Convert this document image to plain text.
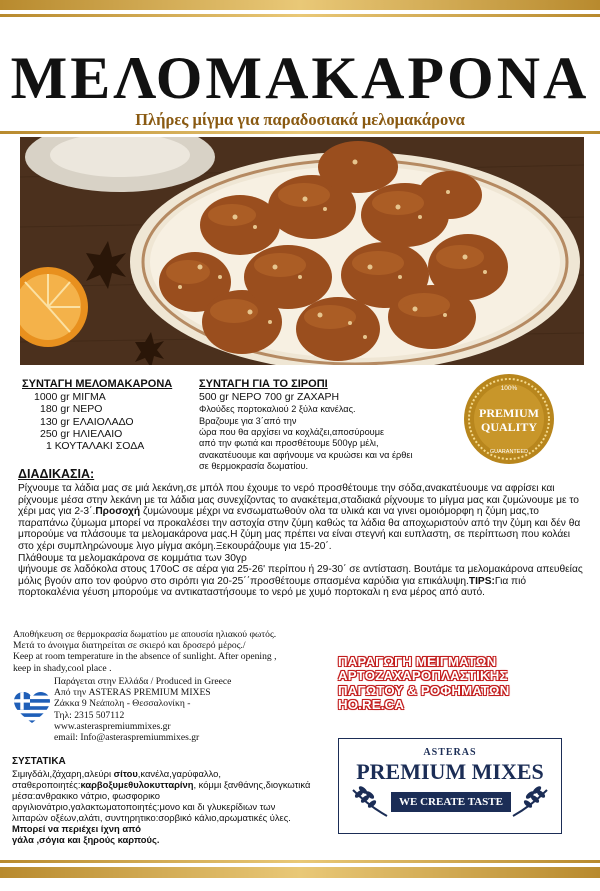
ΜΕΛΟΜΑΚΑΡΟΝΑ
Πλήρες μίγμα για παραδοσιακά μελομακάρονα
ΣΥΝΤΑΓΗ ΜΕΛΟΜΑΚΑΡΟΝΑ
1000 gr ΜΙΓΜΑ
180 gr ΝΕΡΟ
130 gr ΕΛΑΙΟΛΑΔΟ
250 gr ΗΛΙΕΛΑΙΟ
1 ΚΟΥΤΑΛΑΚΙ ΣΟΔΑ
ΣΥΝΤΑΓΗ ΓΙΑ ΤΟ ΣΙΡΟΠΙ
500 gr ΝΕΡΟ 700 gr ΖΑΧΑΡΗ
Φλούδες πορτοκαλιού 2 ξύλα κανέλας.
Βραζουμε για 3΄από την
ώρα που θα αρχίσει να κοχλάζει,αποσύρουμε
από την φωτιά και προσθέτουμε 500γρ μέλι,
ανακατέυουμε και αφήνουμε να κρυώσει και να έρθει
σε θερμοκρασία δωματίου.
100%
PREMIUM
QUALITY
GUARANTEED
ΔΙΑΔΙΚΑΣΙΑ:

Ρίχνουμε τα λάδια μας σε μιά λεκάνη,σε μπόλ που έχουμε το νερό προσθέτουμε την σόδα,ανακατέυουμε να αφρίσει και ρίχνουμε μέσα στην λεκάνη με τα λάδια μας συνεχίζοντας το ανακέτεμα,σταδιακά ρίχνουμε το μίγμα μας και ζυμώνουμε με το χέρι μας για 2-3΄.Προσοχή ζυμώνουμε μέχρι να ενσωματωθούν ολα τα υλικά και να γινει ομοιόμορφη η ζύμη μας,το παραπάνω ζύμωμα μπορεί να προκαλέσει την αστοχία στην ζύμη καθώς τα λάδια θα αποχωριστούν από την ζύμη και δέν θα μπορούμε να πλάσουμε τα μελομακάρονα μας.Η ζύμη μας πρέπει να είναι στεγνή και ευπλαστη, σε περίπτωση που κολάει στο χέρι συμπληρώνουμε λιγο μίγμα ακόμη.Ξεκουράζουμε για 15-20΄.

Πλάθουμε τα μελομακάρονα σε κομμάτια των 30γρ

ψήνουμε σε λαδόκολα στους 170oC σε αέρα για 25-26' περίπου ή 29-30΄ σε αντίσταση. Βουτάμε τα μελομακάρονα απευθείας μόλις βγούν απο τον φούρνο στο σιρόπι για 20-25΄΄προσθέτουμε σπασμένα καρύδια για επικάλυψη.TIPS:Για πιό πορτοκαλένια γέυση μπορούμε να αντικαταστήσουμε το νερό με χυμό πορτοκαλι η ενα μέρος από αυτό.

Αποθήκευση σε θερμοκρασία δωματίου με απουσία ηλιακού φωτός.
Μετά το άνοιγμα διατηρείται σε σκιερό και δροσερό μέρος./
Keep at room temperature in the absence of sunlight. After opening ,
keep in shady,cool place .
Παράγεται στην Ελλάδα / Produced in Greece
Από την ASTERAS PREMIUM MIXES
Ζάκκα 9 Νεάπολη - Θεσσαλονίκη -
Τηλ: 2315 507112
www.asteraspremiummixes.gr
email: Info@asteraspremiummixes.gr
ΣΥΣΤΑΤΙΚΑ
Σιμιγδάλι,ζάχαρη,αλεύρι σίτου,κανέλα,γαρύφαλλο, σταθεροποιητές:καρβοξυμεθυλοκυτταρίνη, κόμμι ξανθάνης,διογκωτικά μέσα:ανθρακικο νάτριο, φωσφορικο αργιλιονάτριο,γαλακτωματοποιητές:μονο και δι γλυκερίδιων των λιπαρών οξέων,αλάτι, συντηρητικο:σορβικό κάλιο,αρωματικές ύλες.
Μπορεί να περιέχει ίχνη από
γάλα ,σόγια και ξηρούς καρπούς.
ΠΑΡΑΓΩΓΗ ΜΕΙΓΜΑΤΩΝ
ΑΡΤΟΖΑΧΑΡΟΠΛΑΣΤΙΚΗΣ
ΠΑΓΩΤΟΥ & ΡΟΦΗΜΑΤΩΝ
HO.RE.CA
ASTERAS
PREMIUM MIXES
WE CREATE TASTE
